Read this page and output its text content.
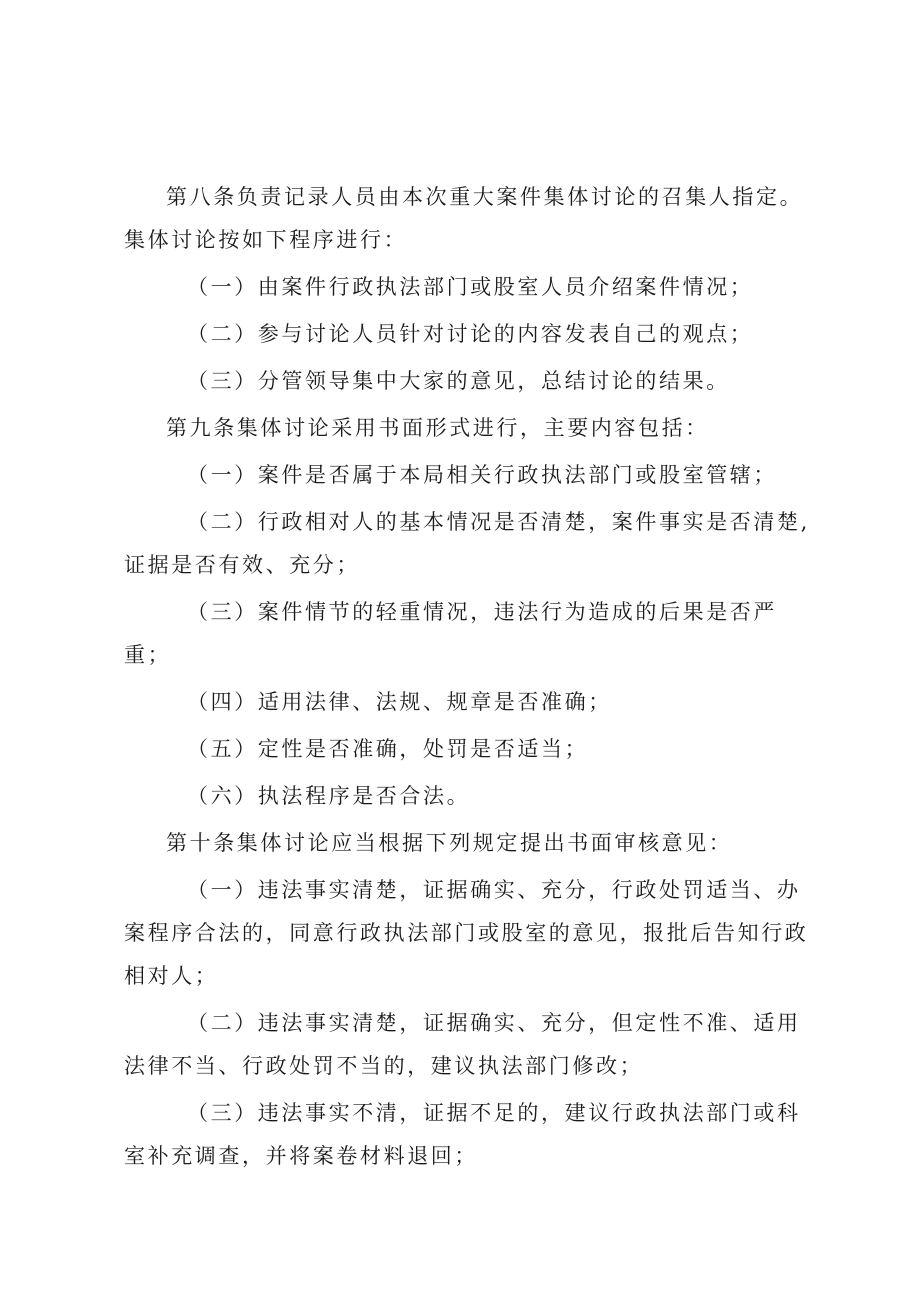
第八条负责记录人员由本次重大案件集体讨论的召集人指定。集体讨论按如下程序进行：

（一）由案件行政执法部门或股室人员介绍案件情况；

（二）参与讨论人员针对讨论的内容发表自己的观点；

（三）分管领导集中大家的意见，总结讨论的结果。

第九条集体讨论采用书面形式进行，主要内容包括：

（一）案件是否属于本局相关行政执法部门或股室管辖；

（二）行政相对人的基本情况是否清楚，案件事实是否清楚,证据是否有效、充分；

（三）案件情节的轻重情况，违法行为造成的后果是否严重；

（四）适用法律、法规、规章是否准确；

（五）定性是否准确，处罚是否适当；

（六）执法程序是否合法。

第十条集体讨论应当根据下列规定提出书面审核意见：

（一）违法事实清楚，证据确实、充分，行政处罚适当、办案程序合法的，同意行政执法部门或股室的意见，报批后告知行政相对人；

（二）违法事实清楚，证据确实、充分，但定性不准、适用法律不当、行政处罚不当的，建议执法部门修改；

（三）违法事实不清，证据不足的，建议行政执法部门或科室补充调查，并将案卷材料退回；
